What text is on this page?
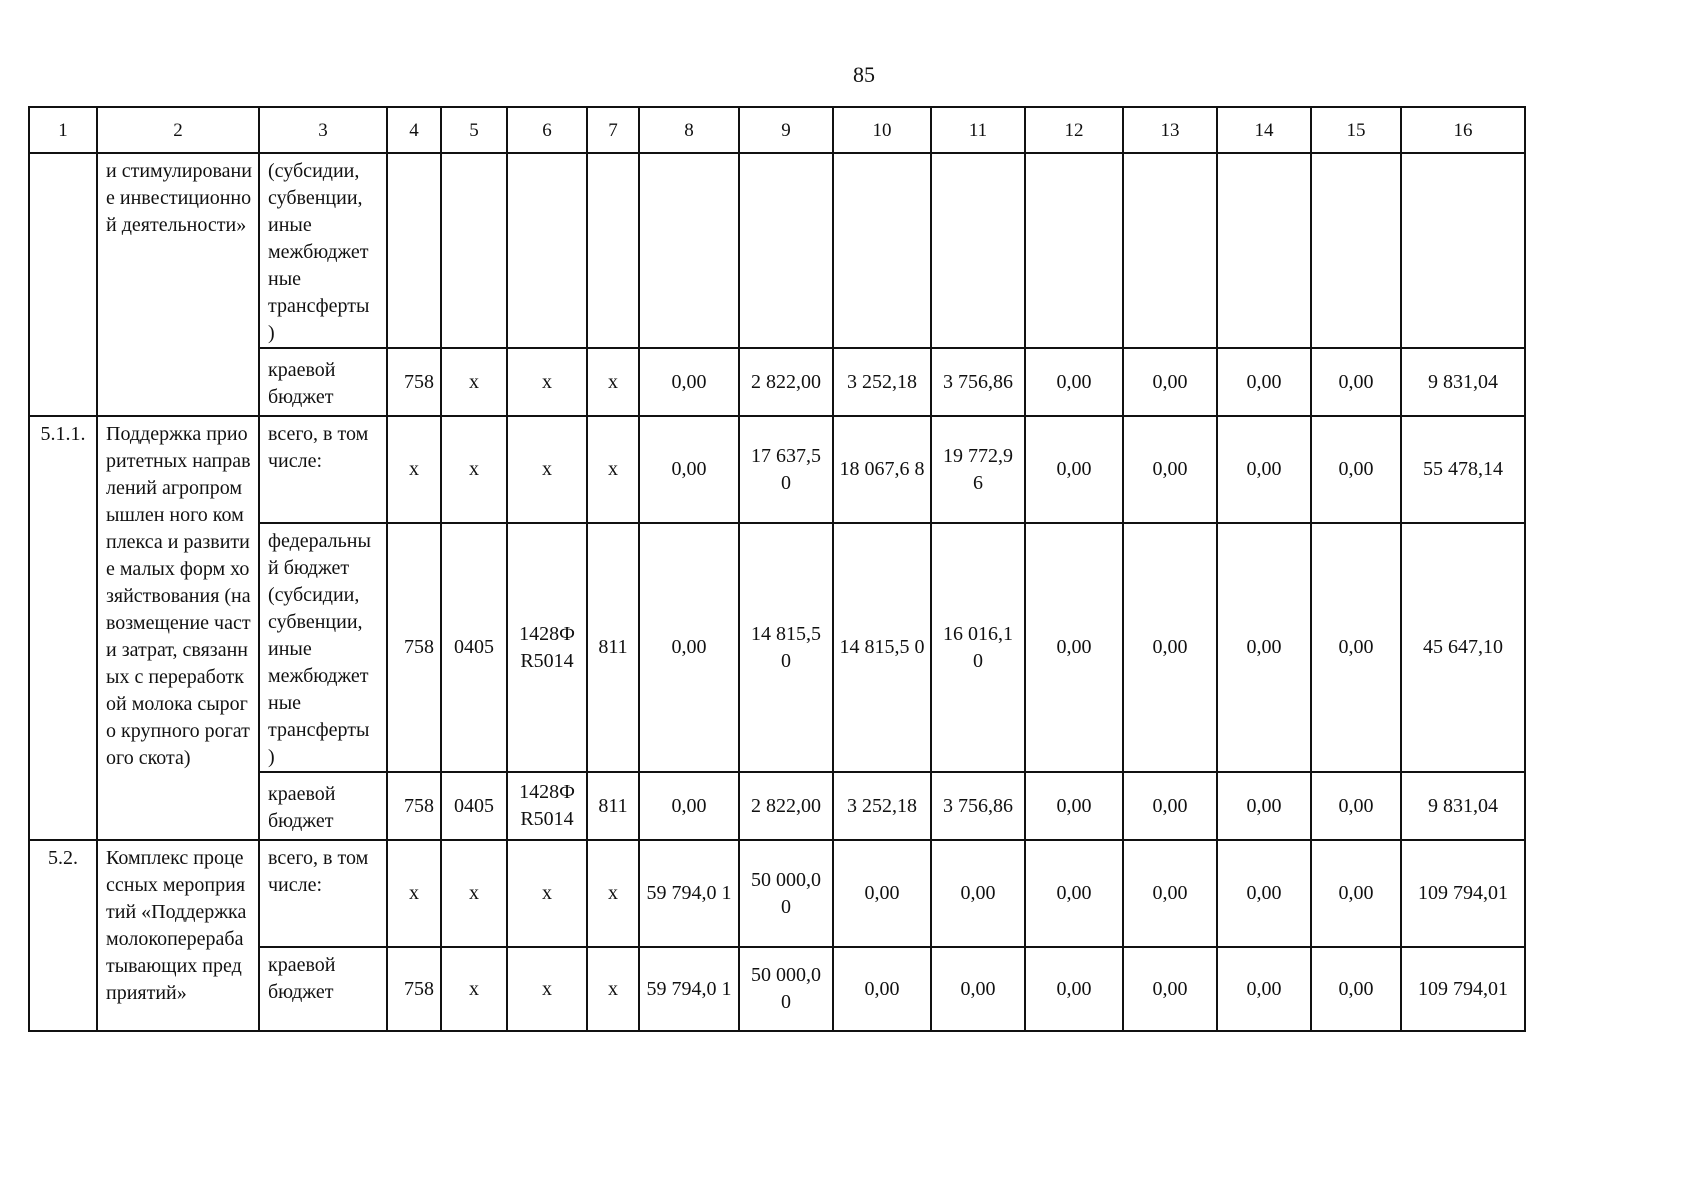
85
1	2	3	4	5	6	7	8	9	10	11	12	13	14	15	16
	и стимулирование инвестиционно й деятельности»	(субсидии, субвенции, иные межбюджет ные трансферты )													
		краевой бюджет	758	х	х	х	0,00	2 822,00	3 252,18	3 756,86	0,00	0,00	0,00	0,00	9 831,04
5.1.1.	Поддержка приоритетных направлений агропромышлен ного комплекса и развитие малых форм хозяйствования (на возмещение части затрат, связанных с переработкой молока сырого крупного рогатого скота)	всего, в том числе:	х	х	х	х	0,00	17 637,5 0	18 067,6 8	19 772,9 6	0,00	0,00	0,00	0,00	55 478,14
		федеральны й бюджет (субсидии, субвенции, иные межбюджет ные трансферты )	758	0405	1428Ф R5014	811	0,00	14 815,5 0	14 815,5 0	16 016,1 0	0,00	0,00	0,00	0,00	45 647,10
		краевой бюджет	758	0405	1428Ф R5014	811	0,00	2 822,00	3 252,18	3 756,86	0,00	0,00	0,00	0,00	9 831,04
5.2.	Комплекс процессных мероприятий «Поддержка молокоперераба тывающих предприятий»	всего, в том числе:	х	х	х	х	59 794,0 1	50 000,0 0	0,00	0,00	0,00	0,00	0,00	0,00	109 794,01
		краевой бюджет	758	х	х	х	59 794,0 1	50 000,0 0	0,00	0,00	0,00	0,00	0,00	0,00	109 794,01
